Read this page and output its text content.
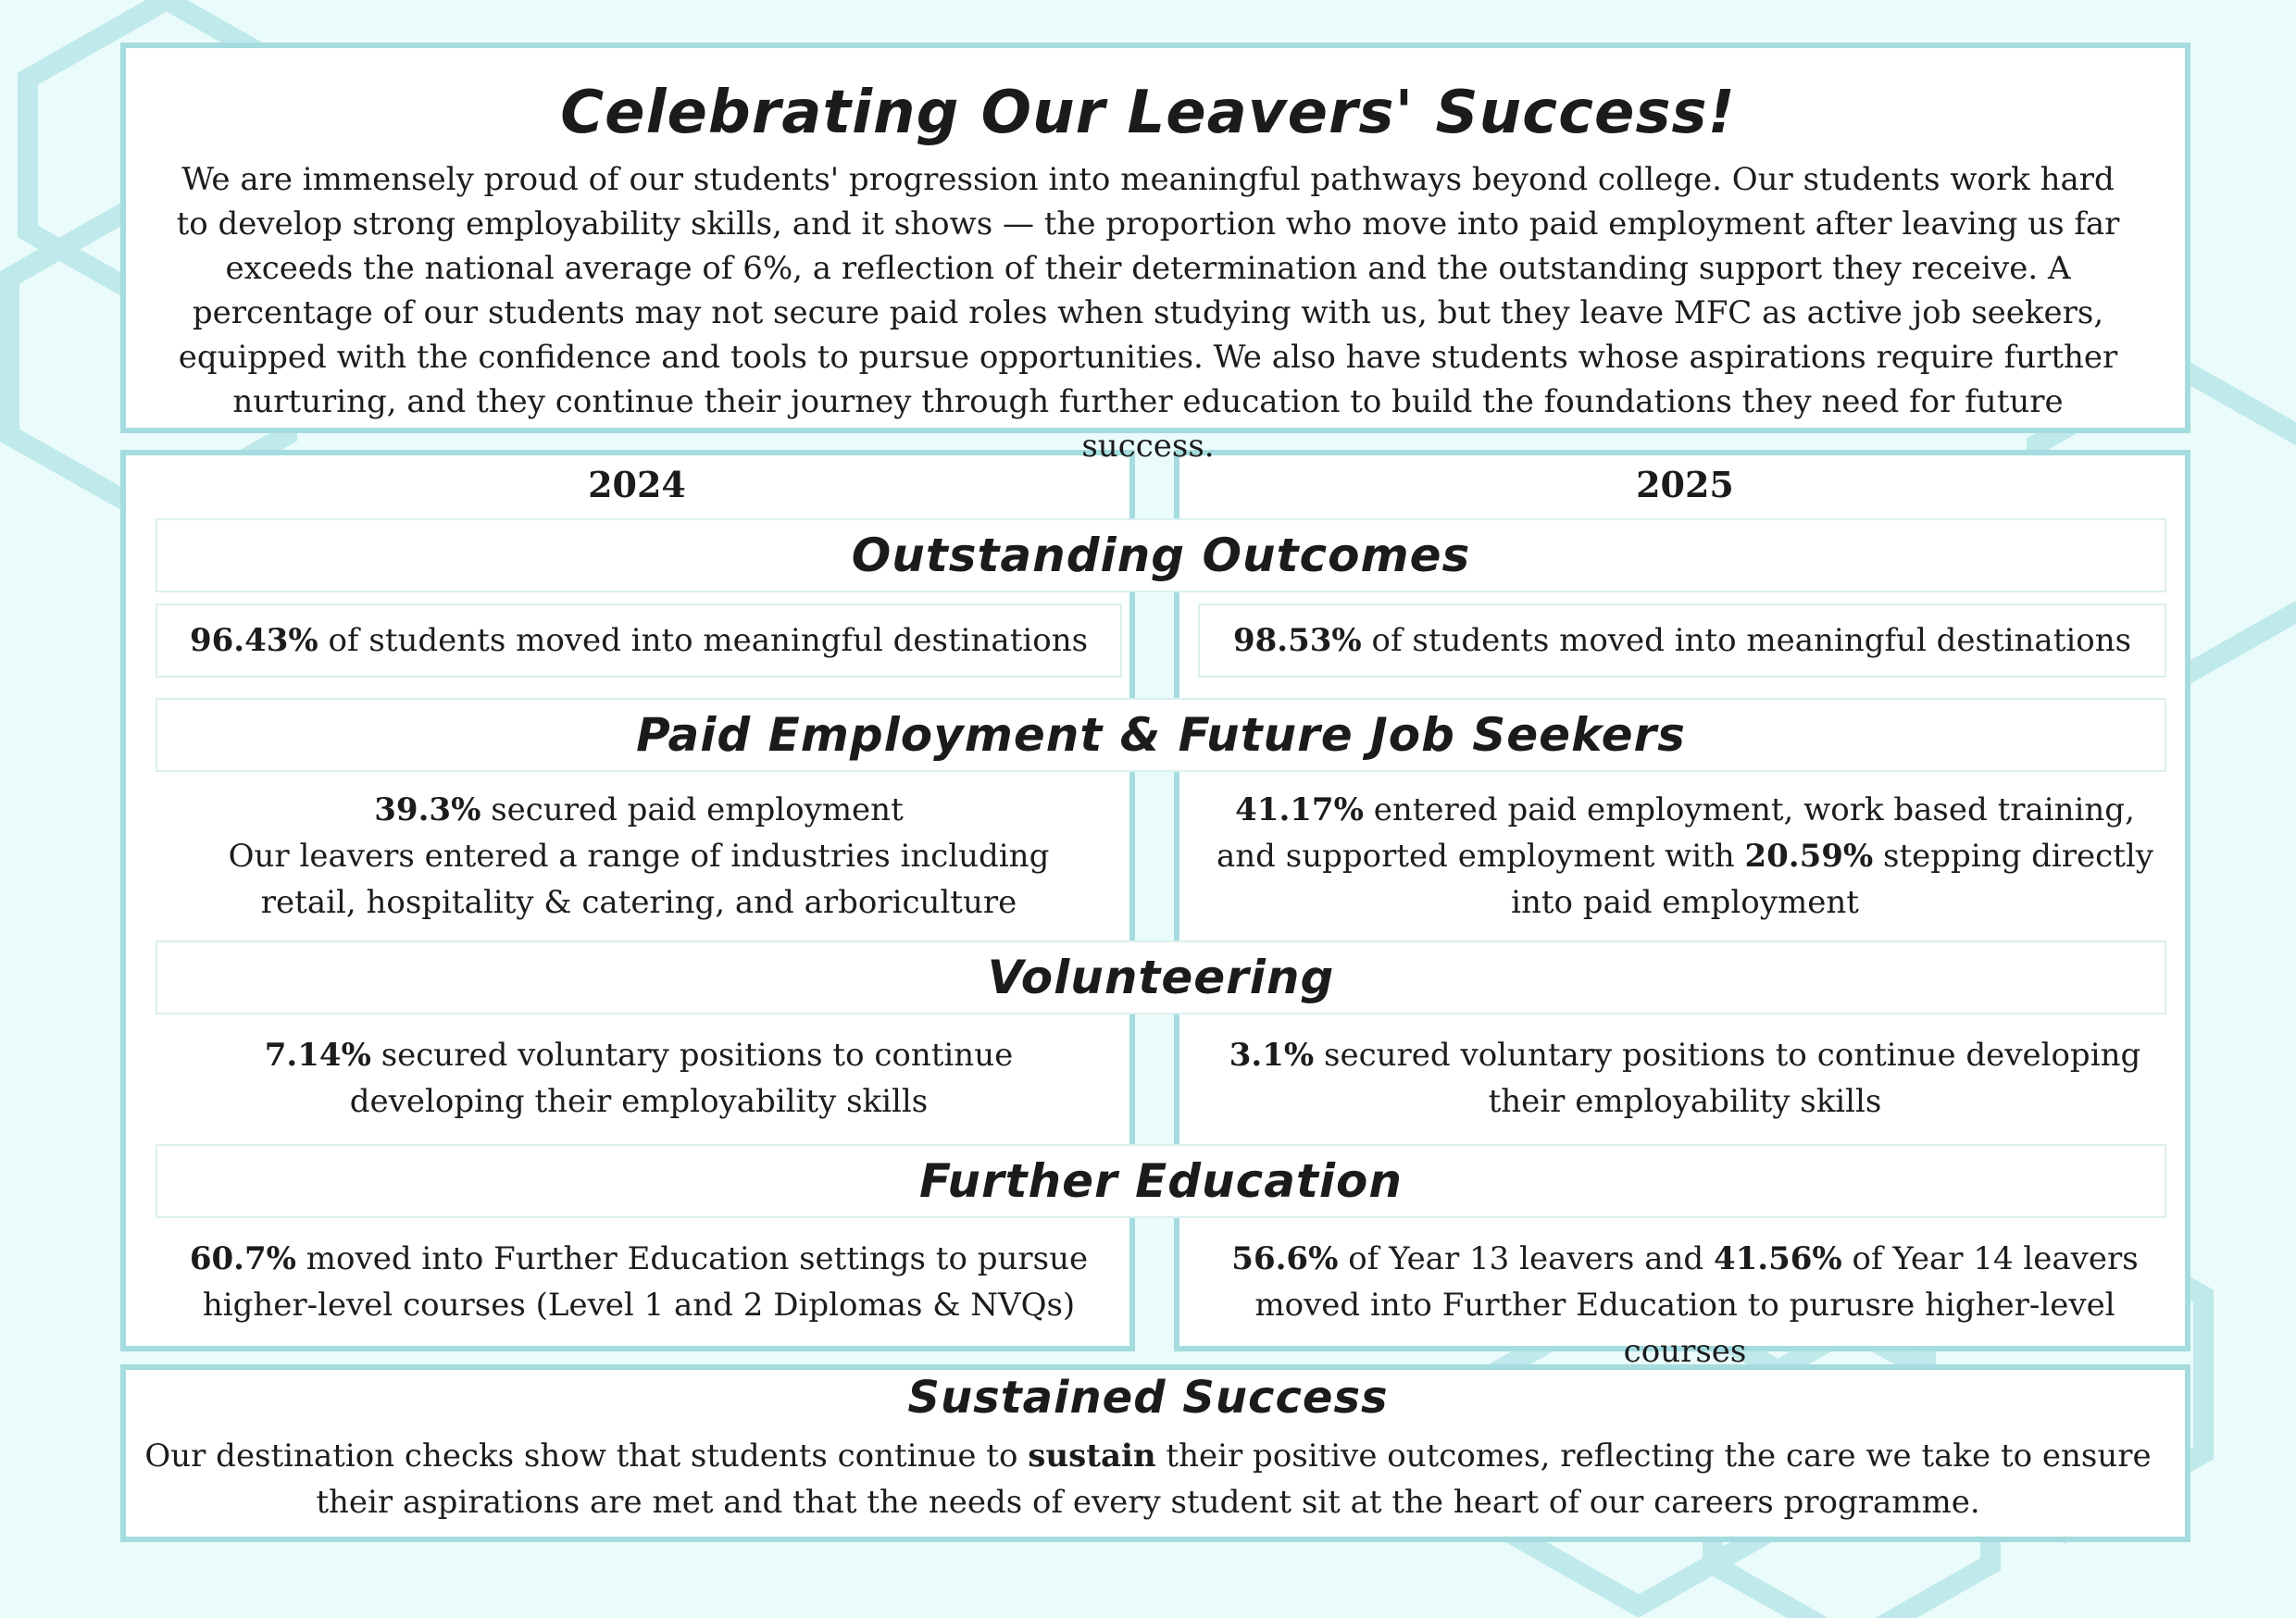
Celebrating Our Leavers' Success!
We are immensely proud of our students' progression into meaningful pathways beyond college. Our students work hard to develop strong employability skills, and it shows — the proportion who move into paid employment after leaving us far exceeds the national average of 6%, a reflection of their determination and the outstanding support they receive. A percentage of our students may not secure paid roles when studying with us, but they leave MFC as active job seekers, equipped with the confidence and tools to pursue opportunities. We also have students whose aspirations require further nurturing, and they continue their journey through further education to build the foundations they need for future success.
2024	2025
Outstanding Outcomes
96.43% of students moved into meaningful destinations	98.53% of students moved into meaningful destinations
Paid Employment & Future Job Seekers
39.3% secured paid employment
Our leavers entered a range of industries including retail, hospitality & catering, and arboriculture
41.17% entered paid employment, work based training, and supported employment with 20.59% stepping directly into paid employment
Volunteering
7.14% secured voluntary positions to continue developing their employability skills
3.1% secured voluntary positions to continue developing their employability skills
Further Education
60.7% moved into Further Education settings to pursue higher-level courses (Level 1 and 2 Diplomas & NVQs)
56.6% of Year 13 leavers and 41.56% of Year 14 leavers moved into Further Education to purusre higher-level courses
Sustained Success
Our destination checks show that students continue to sustain their positive outcomes, reflecting the care we take to ensure their aspirations are met and that the needs of every student sit at the heart of our careers programme.
